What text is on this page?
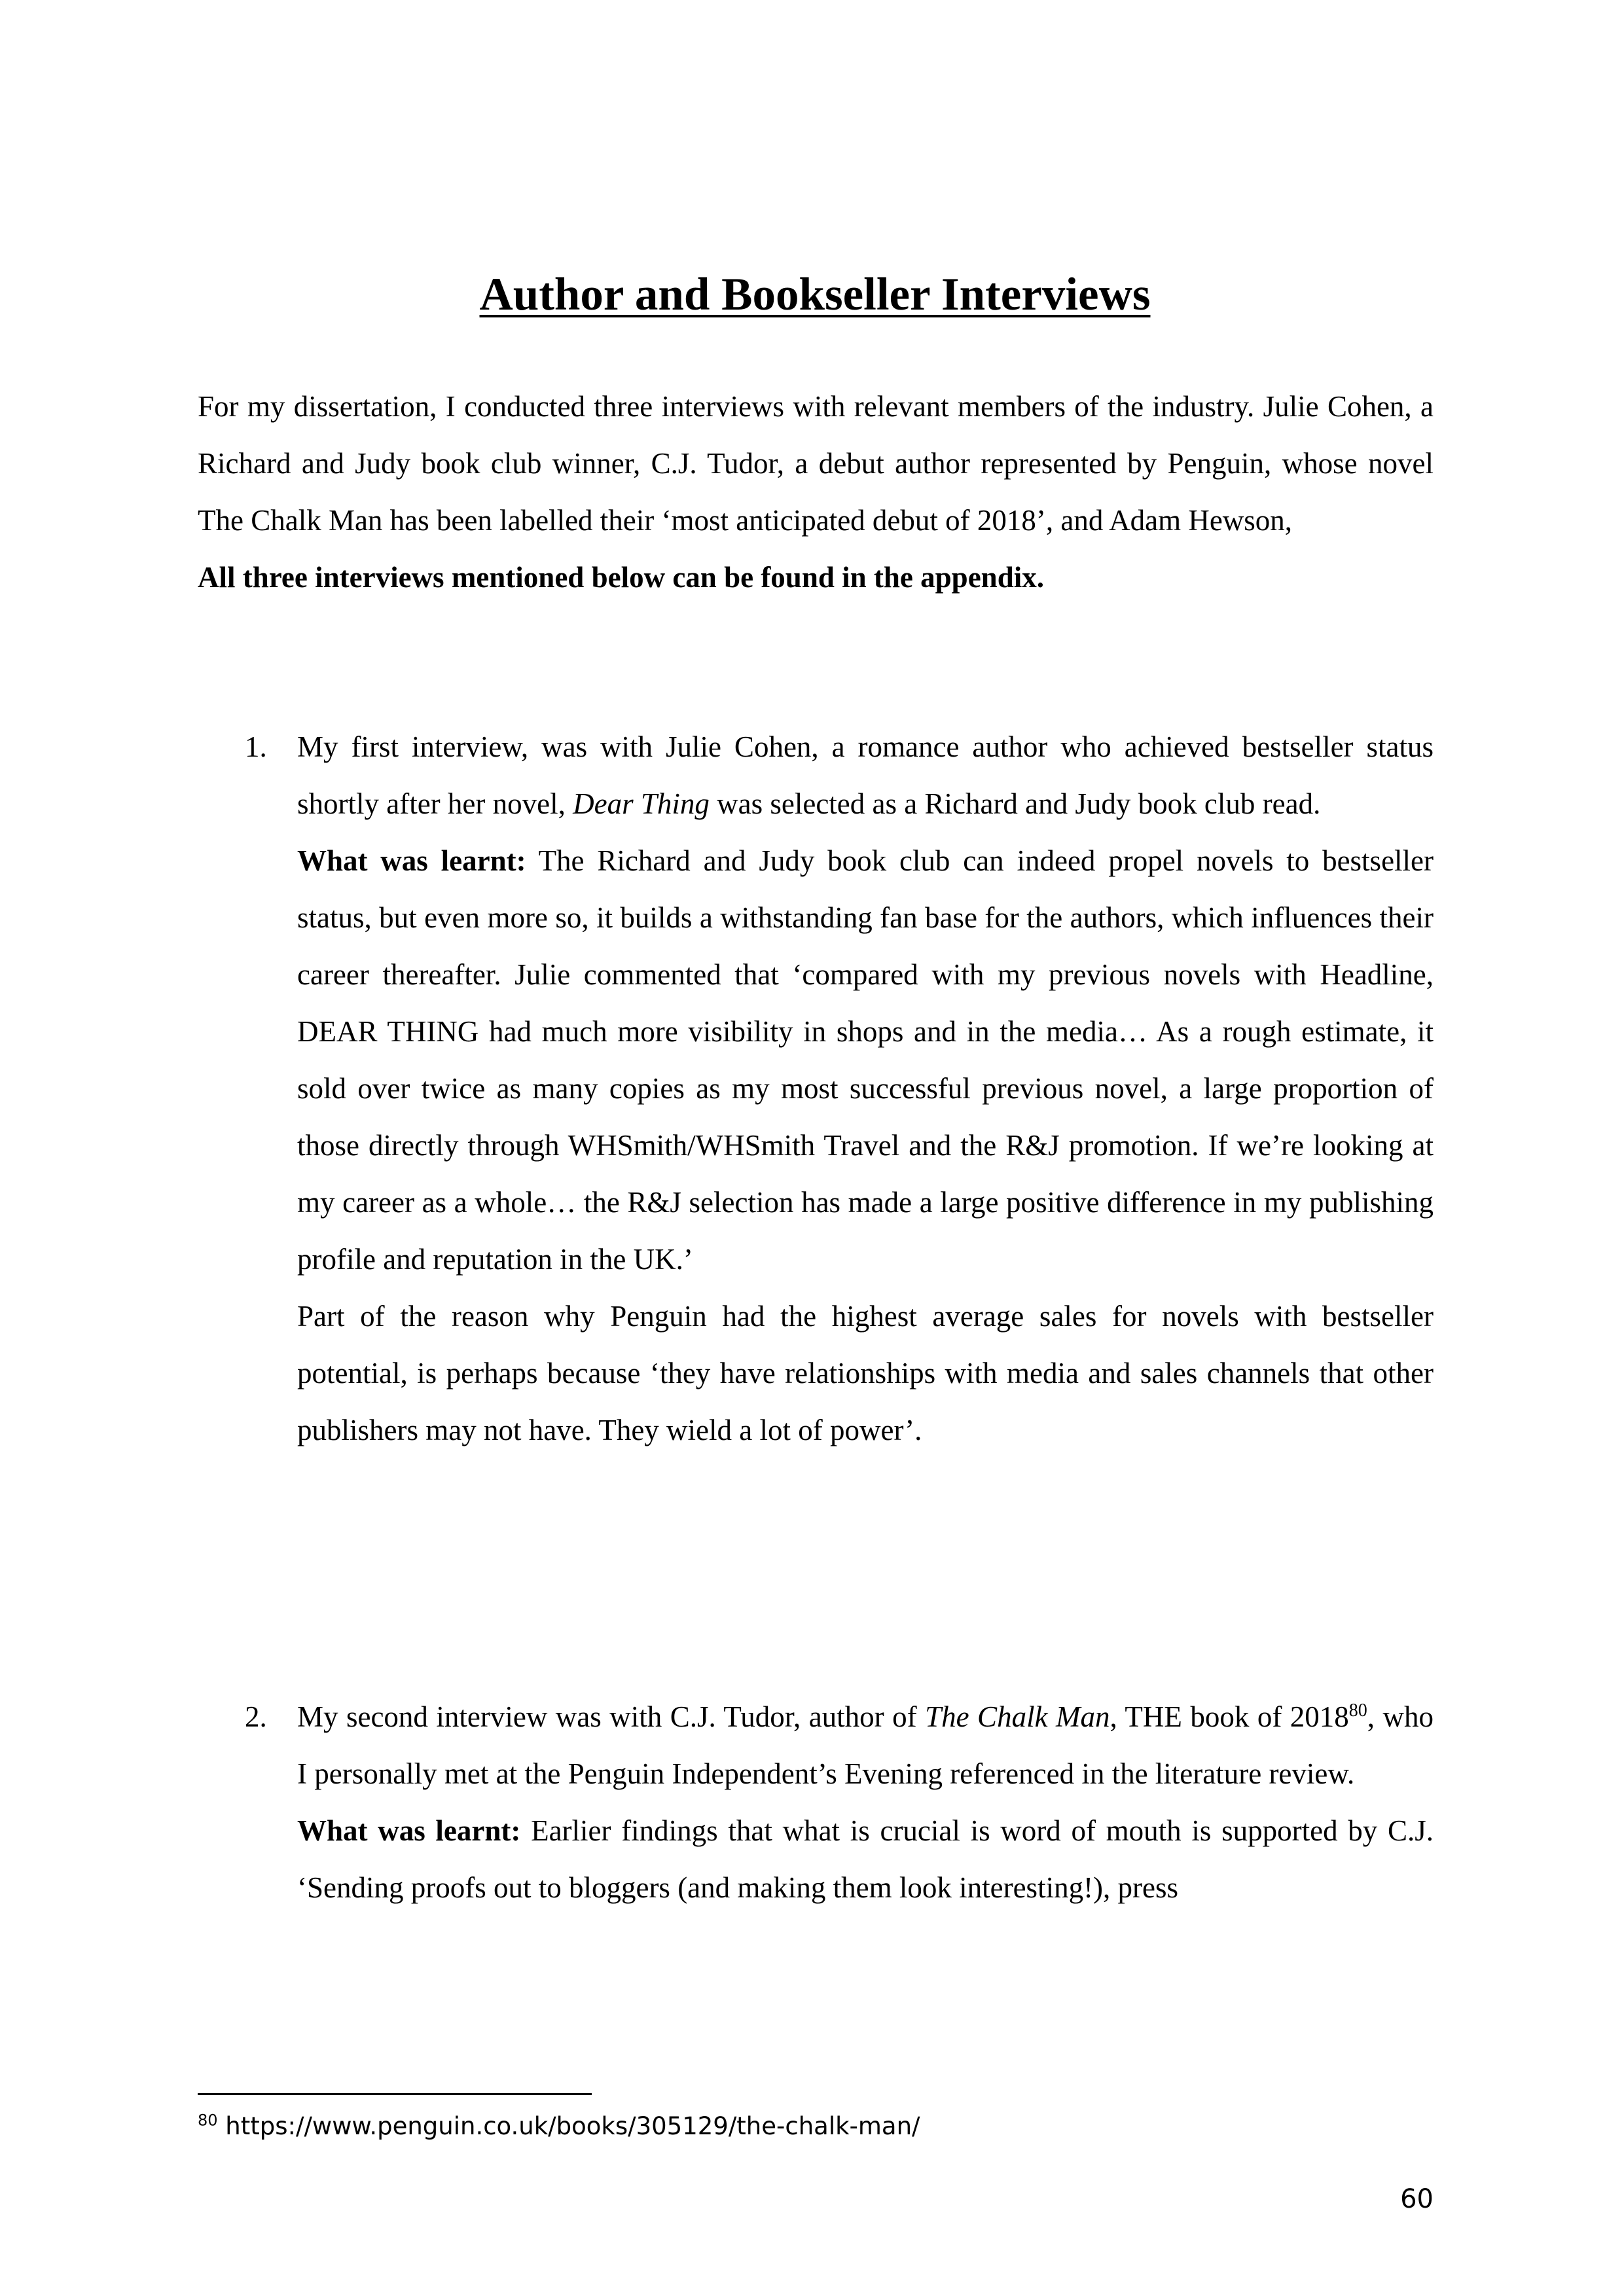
Author and Bookseller Interviews

For my dissertation, I conducted three interviews with relevant members of the industry. Julie Cohen, a Richard and Judy book club winner, C.J. Tudor, a debut author represented by Penguin, whose novel The Chalk Man has been labelled their ‘most anticipated debut of 2018’, and Adam Hewson,

All three interviews mentioned below can be found in the appendix.

1. My first interview, was with Julie Cohen, a romance author who achieved bestseller status shortly after her novel, Dear Thing was selected as a Richard and Judy book club read.

What was learnt: The Richard and Judy book club can indeed propel novels to bestseller status, but even more so, it builds a withstanding fan base for the authors, which influences their career thereafter. Julie commented that ‘compared with my previous novels with Headline, DEAR THING had much more visibility in shops and in the media… As a rough estimate, it sold over twice as many copies as my most successful previous novel, a large proportion of those directly through WHSmith/WHSmith Travel and the R&J promotion. If we’re looking at my career as a whole… the R&J selection has made a large positive difference in my publishing profile and reputation in the UK.’

Part of the reason why Penguin had the highest average sales for novels with bestseller potential, is perhaps because ‘they have relationships with media and sales channels that other publishers may not have. They wield a lot of power’.

2. My second interview was with C.J. Tudor, author of The Chalk Man, THE book of 2018$^{80}$, who I personally met at the Penguin Independent’s Evening referenced in the literature review.

What was learnt: Earlier findings that what is crucial is word of mouth is supported by C.J. ‘Sending proofs out to bloggers (and making them look interesting!), press

$^{80}$ https://www.penguin.co.uk/books/305129/the-chalk-man/

60
